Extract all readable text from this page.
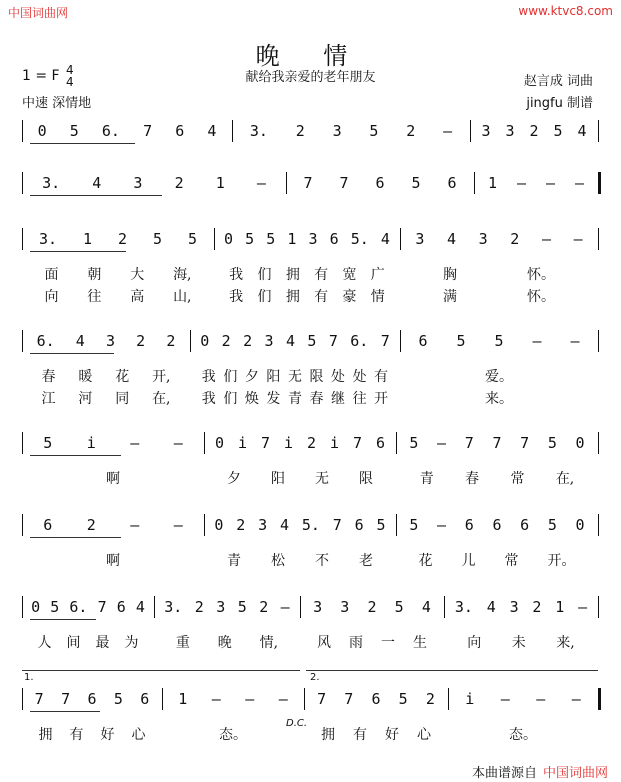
中国词曲网	www.ktvc8.com
晚 情
献给我亲爱的老年朋友
1 = F 4
4
中速 深情地
赵言成 词曲
jingfu 制谱
0 5 6. 7 6 4 3. 2 3 5 2 – 3 3 2 5 4
3. 4 3 2 1 –	7 7 6 5 6 1 – – –
3. 1 2 5 5 0 5 5 1 3 6 5. 4 3 4 3 2 – –
面 朝 大 海,	我 们 拥 有 宽 广	胸	怀。
向 往 高 山,	我 们 拥 有 豪 情	满	怀。
6. 4 3 2 2 0 2 2 3 4 5 7 6. 7 6 5 5 – –
春 暖 花 开, 我 们 夕 阳 无 限 处 处 有	爱。
江 河 同 在, 我 们 焕 发 青 春 继 往 开	来。
5 i – – 0 i 7 i 2 i 7 6 5 – 7 7 7 5 0
啊	夕 阳 无 限	青 春 常 在,
6 2 – – 0 2 3 4 5. 7 6 5 5 – 6 6 6 5 0
啊	青 松 不 老	花 儿 常 开。
0 5 6. 7 6 4 3. 2 3 5 2 – 3 3 2 5 4 3. 4 3 2 1 –
人 间 最 为	重 晚 情,	风 雨 一 生	向 未 来,
7 7 6 5 6 1 – – – 7 7 6 5 2 i – – –
拥 有 好 心	态。	拥 有 好 心	态。
1.	2.
D.C.
本曲谱源自 中国词曲网
